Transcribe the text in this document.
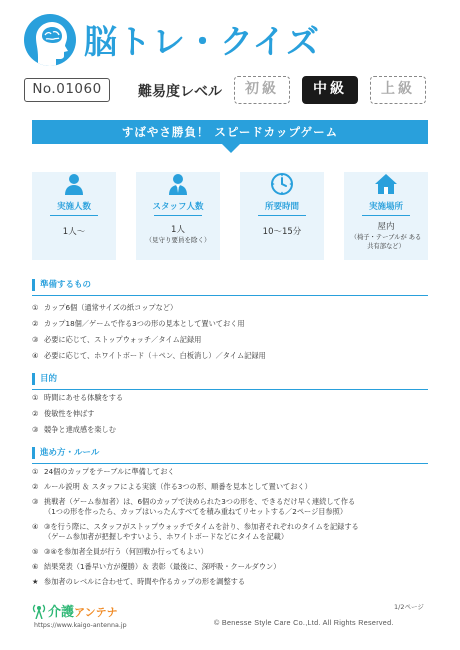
脳トレ・クイズ
No.01060	難易度レベル	初級	中級	上級
すばやさ勝負！ スピードカップゲーム
実施人数
1人〜
スタッフ人数
1人
（見守り要員を除く）
所要時間
10〜15分
実施場所
屋内
（椅子・テーブルが ある共有部など）
準備するもの
① カップ6個（通常サイズの紙コップなど）
② カップ18個／ゲームで作る3つの形の見本として置いておく用
③ 必要に応じて、ストップウォッチ／タイム記録用
④ 必要に応じて、ホワイトボード（＋ペン、白板消し）／タイム記録用
目的
① 時間にあせる体験をする
② 俊敏性を伸ばす
③ 競争と達成感を楽しむ
進め方・ルール
① 24個のカップをテーブルに準備しておく
② ルール説明 ＆ スタッフによる実演（作る3つの形、順番を見本として置いておく）
③ 挑戦者（ゲーム参加者）は、6個のカップで決められた3つの形を、できるだけ早く連続して作る
（1つの形を作ったら、カップはいったんすべてを積み重ねてリセットする／2ページ目参照）
④ ③を行う際に、スタッフがストップウォッチでタイムを計り、参加者それぞれのタイムを記録する
（ゲーム参加者が把握しやすいよう、ホワイトボードなどにタイムを記載）
⑤ ③④を参加者全員が行う（何回戦か行ってもよい）
⑥ 結果発表（1番早い方が優勝）＆ 表彰（最後に、深呼吸・クールダウン）
★ 参加者のレベルに合わせて、時間や作るカップの形を調整する
介護アンテナ
https://www.kaigo-antenna.jp
1/2ページ
© Benesse Style Care Co.,Ltd. All Rights Reserved.
